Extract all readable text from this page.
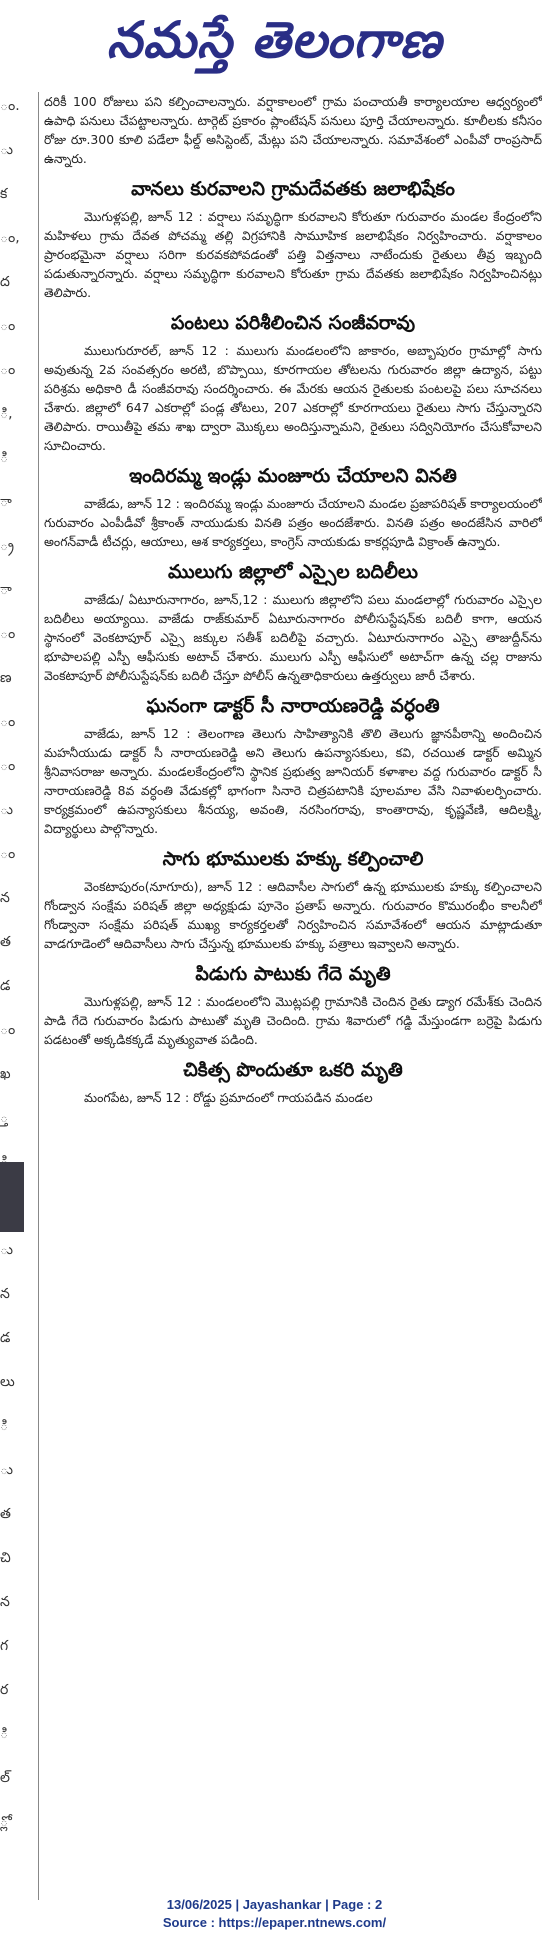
నమస్తే తెలంగాణ
ం.
ు
క
ం,
ద
ం
ం
ి,
ి
ా
్ర
ా
ం
ణ
ం
ం
ు
ం
న
త
డ
ం
ఖ
్త
ు
న
డ
లు
ి
ు
త
చి
న
గ
ర
ి
ల్
్లో

దరికీ 100 రోజులు పని కల్పించాలన్నారు. వర్షాకాలంలో గ్రామ పంచాయతీ కార్యాలయాల ఆధ్వర్యంలో ఉపాధి పనులు చేపట్టాలన్నారు. టార్గెట్ ప్రకారం ప్లాంటేషన్ పనులు పూర్తి చేయాలన్నారు. కూలీలకు కనీసం రోజు రూ.300 కూలి పడేలా ఫీల్డ్ అసిస్టెంట్, మేట్లు పని చేయాలన్నారు. సమావేశంలో ఎంపీవో రాంప్రసాద్ ఉన్నారు.

వానలు కురవాలని గ్రామదేవతకు జలాభిషేకం

మొగుళ్లపల్లి, జూన్ 12 : వర్షాలు సమృద్ధిగా కురవాలని కోరుతూ గురువారం మండల కేంద్రంలోని మహిళలు గ్రామ దేవత పోచమ్మ తల్లి విగ్రహానికి సామూహిక జలాభిషేకం నిర్వహించారు. వర్షాకాలం ప్రారంభమైనా వర్షాలు సరిగా కురవకపోవడంతో పత్తి విత్తనాలు నాటేందుకు రైతులు తీవ్ర ఇబ్బంది పడుతున్నారన్నారు. వర్షాలు సమృద్ధిగా కురవాలని కోరుతూ గ్రామ దేవతకు జలాభిషేకం నిర్వహించినట్లు తెలిపారు.

పంటలు పరిశీలించిన సంజీవరావు

ములుగురూరల్, జూన్ 12 : ములుగు మండలంలోని జాకారం, అబ్బాపురం గ్రామాల్లో సాగు అవుతున్న 2వ సంవత్సరం అరటి, బొప్పాయి, కూరగాయల తోటలను గురువారం జిల్లా ఉద్యాన, పట్టు పరిశ్రమ అధికారి డీ సంజీవరావు సందర్శించారు. ఈ మేరకు ఆయన రైతులకు పంటలపై పలు సూచనలు చేశారు. జిల్లాలో 647 ఎకరాల్లో పండ్ల తోటలు, 207 ఎకరాల్లో కూరగాయలు రైతులు సాగు చేస్తున్నారని తెలిపారు. రాయితీపై తమ శాఖ ద్వారా మొక్కలు అందిస్తున్నామని, రైతులు సద్వినియోగం చేసుకోవాలని సూచించారు.

ఇందిరమ్మ ఇండ్లు మంజూరు చేయాలని వినతి

వాజేడు, జూన్ 12 : ఇందిరమ్మ ఇండ్లు మంజూరు చేయాలని మండల ప్రజాపరిషత్ కార్యాలయంలో గురువారం ఎంపీడీవో శ్రీకాంత్ నాయుడుకు వినతి పత్రం అందజేశారు. వినతి పత్రం అందజేసిన వారిలో అంగన్‌వాడీ టీచర్లు, ఆయాలు, ఆశ కార్యకర్తలు, కాంగ్రెస్ నాయకుడు కాకర్లపూడి విక్రాంత్ ఉన్నారు.

ములుగు జిల్లాలో ఎస్సైల బదిలీలు

వాజేడు/ ఏటూరునాగారం, జూన్,12 : ములుగు జిల్లాలోని పలు మండలాల్లో గురువారం ఎస్సైల బదిలీలు అయ్యాయి. వాజేడు రాజ్‌కుమార్ ఏటూరునాగారం పోలీసుస్టేషన్‌కు బదిలీ కాగా, ఆయన స్థానంలో వెంకటాపూర్ ఎస్సై జక్కుల సతీశ్ బదిలీపై వచ్చారు. ఏటూరునాగారం ఎస్సై తాజుద్దీన్‌ను భూపాలపల్లి ఎస్పీ ఆఫీసుకు అటాచ్ చేశారు. ములుగు ఎస్పీ ఆఫీసులో అటాచ్‌గా ఉన్న చల్ల రాజును వెంకటాపూర్ పోలీసుస్టేషన్‌కు బదిలీ చేస్తూ పోలీస్ ఉన్నతాధికారులు ఉత్తర్వులు జారీ చేశారు.

ఘనంగా డాక్టర్ సీ నారాయణరెడ్డి వర్ధంతి

వాజేడు, జూన్ 12 : తెలంగాణ తెలుగు సాహిత్యానికి తొలి తెలుగు జ్ఞానపీఠాన్ని అందించిన మహనీయుడు డాక్టర్ సీ నారాయణరెడ్డి అని తెలుగు ఉపన్యాసకులు, కవి, రచయిత డాక్టర్ అమ్మిన శ్రీనివాసరాజు అన్నారు. మండలకేంద్రంలోని స్థానిక ప్రభుత్వ జూనియర్ కళాశాల వద్ద గురువారం డాక్టర్ సీ నారాయణరెడ్డి 8వ వర్ధంతి వేడుకల్లో భాగంగా సినారె చిత్రపటానికి పూలమాల వేసి నివాళులర్పించారు. కార్యక్రమంలో ఉపన్యాసకులు శీనయ్య, అవంతి, నరసింగరావు, కాంతారావు, కృష్ణవేణి, ఆదిలక్ష్మి, విద్యార్థులు పాల్గొన్నారు.

సాగు భూములకు హక్కు కల్పించాలి

వెంకటాపురం(నూగూరు), జూన్ 12 : ఆదివాసీల సాగులో ఉన్న భూములకు హక్కు కల్పించాలని గోండ్వాన సంక్షేమ పరిషత్ జిల్లా అధ్యక్షుడు పూనెం ప్రతాప్ అన్నారు. గురువారం కొమురంభీం కాలనీలో గోండ్వానా సంక్షేమ పరిషత్ ముఖ్య కార్యకర్తలతో నిర్వహించిన సమావేశంలో ఆయన మాట్లాడుతూ వాడగూడెంలో ఆదివాసీలు సాగు చేస్తున్న భూములకు హక్కు పత్రాలు ఇవ్వాలని అన్నారు.

పిడుగు పాటుకు గేదె మృతి

మొగుళ్లపల్లి, జూన్ 12 : మండలంలోని మొట్లపల్లి గ్రామానికి చెందిన రైతు డ్యాగ రమేశ్‌కు చెందిన పాడి గేదె గురువారం పిడుగు పాటుతో మృతి చెందింది. గ్రామ శివారులో గడ్డి మేస్తుండగా బర్రెపై పిడుగు పడటంతో అక్కడికక్కడే మృత్యువాత పడింది.

చికిత్స పొందుతూ ఒకరి మృతి

మంగపేట, జూన్ 12 : రోడ్డు ప్రమాదంలో గాయపడిన మండల

13/06/2025 | Jayashankar | Page : 2
Source : https://epaper.ntnews.com/
